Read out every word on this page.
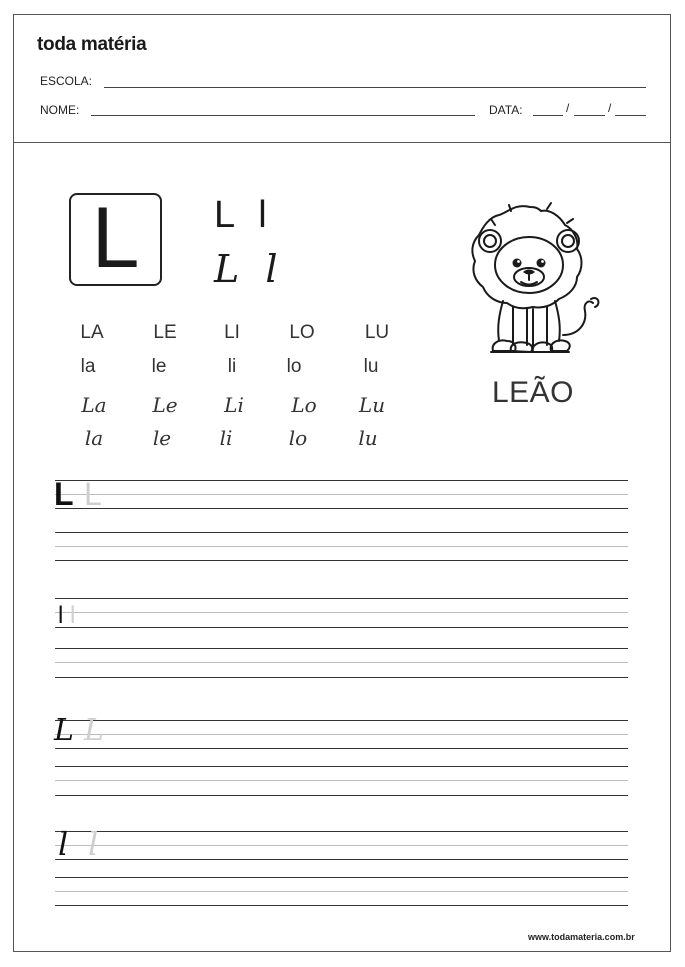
toda matéria
ESCOLA:
NOME:	DATA:	/	/
L L l
L l
LA	LE	LI	LO	LU
la	le	li	lo	lu
La	Le	Li	Lo	Lu
la	le	li	lo	lu
LEÃO
L L
l l
L L
l l
www.todamateria.com.br
